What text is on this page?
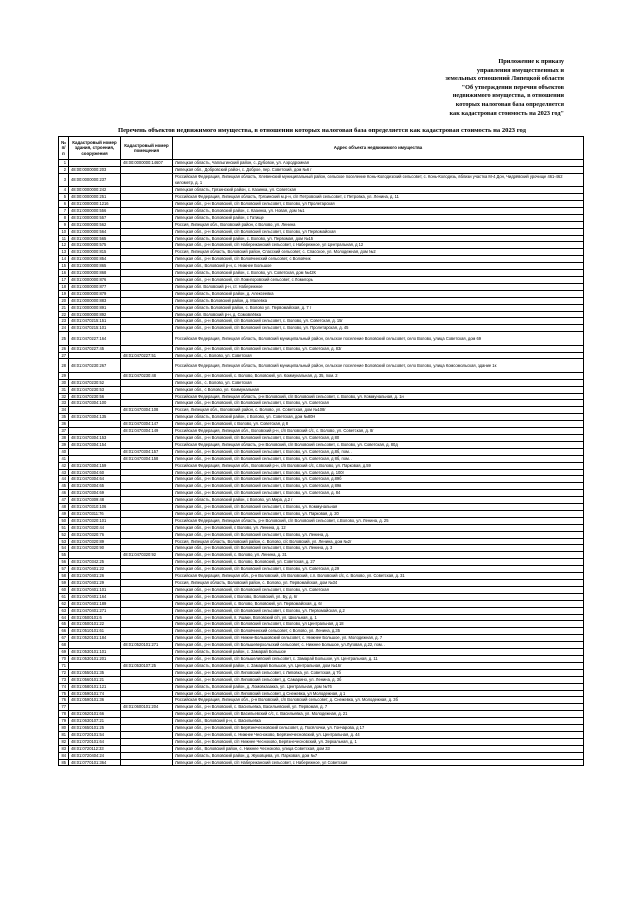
Приложение к приказу
управления имущественных и
земельных отношений Липецкой области
"Об утверждении перечня объектов
недвижимого имущества, в отношении
которых налоговая база определяется
как кадастровая стоимость на 2023 год"
Перечень объектов недвижимого имущества, в отношении которых налоговая база определяется как кадастровая стоимость на 2023 год
№ п/п	Кадастровый номер здания, строения, сооружения	Кадастровый номер помещения	Адрес объекта недвижимого имущества
1		48:00:0000000:14607	Липецкая область, Чаплыгинский район, с. Дубовое, ул. Аэродромная
2	48:00:0000000:203		Липецкая обл., Добровский район, с. Доброе, пер. Советский, дом №6 г
3	48:00:0000000:237		Российская Федерация, Липецкая область, Хлевенский муниципальный район, сельское поселение Конь-Колодезский сельсовет, с. Конь-Колодезь, вблизи участка М-4 Дон, Чидрёвский урочище 461-462 километр, д. 1
4	48:00:0000000:242		Липецкая область, Грязинский район, с. Казинка, ул. Советская
5	48:00:0000000:251		Российская Федерация, Липецкая область, Грязинский м.р-н, с/п Петровский сельсовет, с Петровка, ул. Ленина, д. 11
6	48:01:0000000:1216		Липецкая обл., р-н Воловский, с/п Воловский сельсовет, с Волово, ул Пролетарская
7	48:01:0000000:556		Липецкая область, Воловский район, с. Казинка, ул. Новая, дом №1
8	48:01:0000000:557		Липецкая область, Воловский район, с Гатище
9	48:01:0000000:562		Россия, Липецкая обл., Воловский район, с Волово, ул. Ленина
10	48:01:0000000:564		Липецкая обл., р-н Воловский, с/п Воловский сельсовет, с Волово, ул Первомайская
11	48:01:0000000:565		Липецкая область, Воловский район, с. Волово, ул. Первомая, дом №15
12	48:01:0000000:575		Липецкая обл., р-н Воловский, с/п Набережанский сельсовет, с Набережное, ул Центральная, д 12
13	48:01:0000000:815		Россия, Липецкая область, Воловский район, Спасский сельсовет, с. Спасское, ул. Молодежная, дом №2
14	48:01:0000000:854		Липецкая обл., р-н Воловский, с/п Воловчинский сельсовет, с Воловчик
15	48:01:0000000:865		Липецкая обл., Воловский р-н, с. Нижнее Большое
16	48:01:0000000:868		Липецкая область, Воловский район, с. Волово, ул. Советская, дом №42К
17	48:01:0000000:876		Липецкая обл., р-н Воловский, с/п Ломигоровский сельсовет, с Ломигорь
18	48:01:0000000:877		Липецкая обл. Воловский р-н, ст. Набережное
19	48:01:0000000:879		Липецкая область, Воловский район, д. Алексеевка
20	48:01:0000000:883		Липецкая область Воловский район, д. Малевка
21	48:01:0000000:891		Липецкая область Воловский район, с. Волово ул. Первомайская, д. 7 г
22	48:01:0000000:892		Липецкая обл. Воловский р-н, д. Сомовлёвка
23	48:01:0470215:151		Липецкая обл., р-н Воловский, с/п Воловский сельсовет, с. Волово, ул. Советская, д. 15г
24	48:01:0470215:101		Липецкая обл., р-н Воловский, с/п Воловский сельсовет, с. Волово, ул. Пролетарская, д. 45
25	48:01:0470227:164		Российская Федерация, Липецкая область, Воловский муниципальный район, сельское поселение Воловский сельсовет, село Волово, улица Советская, дом 69
26	48:01:0470227:45		Липецкая обл., р-н Воловский, с/п Воловский сельсовет, с Волово, ул. Советская, д. 83г
27		48:01:0470227:51	Липецкая обл., с. Волово, ул. Советская
28	48:01:0470230:267		Российская Федерация, Липецкая область, Воловский муниципальный район, сельское поселение Воловский сельсовет, село Волово, улица Комсомольская, здание 1к
29		48:01:0470230:48	Липецкая обл., р-н Воловский, с. Волово, Воловский, ул. Коммунальная, д. 35, пом. 2
30	48:01:0470230:52		Липецкая обл., с. Волово, ул. Советская
31	48:01:0470230:53		Липецкая обл., с Волово, ул. Коммунальная
32	48:01:0470230:56		Российская Федерация, Липецкая область, р-н Воловский, с/п Воловский сельсовет, с. Волово, ул. Коммунальная, д. 1н
33	48:01:0470304:100		Липецкая обл., р-н Воловский, с/п Воловский сельсовет, с Волово, ул. Советская
34		48:01:0470304:108	Россия, Липецкая обл., Воловский район, с. Волово, ул. Советская, дом №108г
35	48:01:0470304:135		Липецкая область, Воловский район, с Волово, ул. Советская, дом №80Н
36		48:01:0470304:147	Липецкая обл., р-н Воловский, с Волово, ул. Советская, д 8
37		48:01:0470304:149	Российская Федерация, Липецкая обл., Воловский р-н, с/п Воловский с/с, с. Волово, ул. Советская, д. 8г
38	48:01:0470304:153		Липецкая обл., р-н Воловский, с/п Воловский сельсовет, с Волово, ул. Советская, д 80
39	48:01:0470304:154		Российская Федерация, Липецкая область, р-н Воловский, с/п Воловский сельсовет, с. Волово, ул. Советская, д. 80д
40		48:01:0470304:157	Липецкая обл., р-н Воловский, с/п Воловский сельсовет, с Волово, ул. Советская, д.8б, пом. .
41		48:01:0470304:158	Липецкая обл., р-н Воловский, с/п Воловский сельсовет, с Волово, ул. Советская, д 8б, пом. .
42	48:01:0470304:159		Российская Федерация, Липецкая обл., Воловский р-н, с/п Воловский с/с, с.Волово, ул. Парковая, д.59
43	48:01:0470304:60		Липецкая обл., р-н Воловский, с/п Воловский сельсовет, с Волово, ул. Советская, д. 100г
44	48:01:0470304:64		Липецкая обл., р-н Воловский, с/п Воловский сельсовет, с Волово, ул. Советская, д.89б
45	48:01:0470304:65		Липецкая обл., р-н Воловский, с/п Воловский сельсовет, с Волово, ул. Советская, д 89в
46	48:01:0470304:69		Липецкая обл., р-н Воловский, с/п Воловский сельсовет, с Волово, ул. Советская, д. 84
47	48:01:0470309:48		Липецкая область, Воловский район, с Волово, ул.Мира, д.2 г
48	48:01:0470310:106		Липецкая обл., р-н Воловский, с/п Воловский сельсовет, с Волово, ул. Коммунальная
49	48:01:0470311:76		Липецкая обл., р-н Воловский, с/п Воловский сельсовет, с Волово, ул. Парковая, д. 20
50	48:01:0470320:101		Российская Федерация, Липецкая область, р-н Воловский, с/п Воловский сельсовет, с.Волово, ул. Ленина, д. 25
51	48:01:0470320:44		Липецкая обл., р-н Воловский, с Волово, ул. Ленина, д. 12
52	48:01:0470320:76		Липецкая обл., р-н Воловский, с/п Воловский сельсовет, с Волово, ул. Ленина, д.
53	48:01:0470320:89		Россия, Липецкая область, Воловский район, с. Волово, с/с Воловский, ул. Ленина, дом №2г
54	48:01:0470320:90		Липецкая обл., р-н Воловский, с/п Воловский сельсовет, с Волово, ул. Ленина, д. 3
55		48:01:0470320:92	Липецкая обл., р-н Воловский, с. Волово, ул. Ленина, д. 31
56	48:01:0470342:25		Липецкая обл., р-н Воловский, с. Волово, Воловский, ул. Советская, д. 27
57	48:01:0470401:22		Липецкая обл., р-н Воловский, с/п Воловский сельсовет, с Волово, ул. Советская, д.29
58	48:01:0470401:26		Российская Федерация, Липецкая обл., р-н Воловский, с/п Воловский, с.п. Воловский с/с, с. Волово, ул. Советская, д. 31
59	48:01:0470401:29		Россия, Липецкая область, Воловский район, с. Волово, ул. Первомайская, дом №34
60	48:01:0470401:101		Липецкая обл., р-н Воловский, с/п Воловский сельсовет, с Волово, ул. Советская
61	48:01:0470401:164		Липецкая обл., р-н Воловский, с Волово, Воловский, ул. Бу, д. 6г
62	48:01:0470401:189		Липецкая обл., р-н Воловский, с. Волово, Воловский, ул. Первомайская, д. 6г
63	48:01:0470401:271		Липецкая обл., р-н Воловский, с/п Воловский сельсовет, с Волово, ул. Первомайская, д.2
64	48:01:0500101:6		Липецкая обл., р-н Воловский, п. Ушаки, Воловский с/п, ул. Школьная, д. 1
65	48:01:0500101:22		Липецкая обл., р-н Воловский, с/п Воловский сельсовет, с Волово, ул Центральная, д 18
66	48:01:0510101:61		Липецкая обл., р-н Воловский, с/п Воловчинский сельсовет, с Волово, ул. Ленина, д.35
67	48:01:0520101:184		Липецкая обл., р-н Воловский, с/п Нижне-Большовский сельсовет, с. Нижнее Большое, ул. Молодежная, д. 7
68		48:01:0520101:271	Липецкая обл., р-н Воловский, с/п Большеверхольский сельсовет, с. Нижнее Большое, ул.Луговая, д.22, пом. .
69	48:01:0530101:101		Липецкая область, Воловский район, с. Замарай Большое
70	48:01:0530101:201		Липецкая обл., р-н Воловский, с/п Большелипский сельсовет, с. Замарай Большое, ул. Центральная, д. 11
71		48:01:0530107:25	Липецкая область, Воловский район, с. Замарай Большое, ул. Центральная, дом №16г
72	48:01:0550101:35		Липецкая обл., р-н Воловский, с/п Липовский сельсовет, с Липовка, ул. Советская, д 7б
73	48:01:0560101:21		Липецкая обл., р-н Воловский, с/п Липовский сельсовет, д. Самарино, ул. Ленина, д. 3б
74	48:01:0580101:121		Липецкая область, Воловский район, д. Ломовказакка, ул. Центральная, дом №76
75	48:01:0590101:74		Липецкая обл., р-н Воловский, с/п Липовский сельсовет, д Снежевка, ул Молодежная, д 1
76	48:01:0590101:36		Российская Федерация, Липецкая обл., р-н Воловский, с/п Воловский сельсовет, д. Снежевка, ул. Молодежная, д. 3б
77		48:01:0600101:204	Липецкая обл., р-н Воловский, с. Васильевка, Васильевский, ул. Первомая, д. 7
78	48:01:0620101:66		Липецкая обл., р-н Воловский, с/п Васильевский с/с, с. Васильевка, ул. Молодежная, д. 21
79	48:01:0630107:21		Липецкая обл., Воловский р-н, с. Васильевка
80	48:01:0650101:25		Липецкая обл., р-н Воловский, с/п Берёзнечесновский сельсовет, д. Посёлочки, ул. Гончарова, д 17
81	48:01:0720101:54		Липецкая обл., р-н Воловский, с. Нижнее Чесноково, Берёзнечесновский, ул. Центральная, д. 44
82	48:01:0720101:64		Липецкая обл., р-н Воловский, с/п Нижнее Чесноково, Берёзнечесновский, ул. Зеркальная, д. 1
83	48:01:0720112:33		Липецкая обл., Воловский район, с. Нижнее Чесноково, улица Советская, дом 33
84	48:01:0720404:24		Липецкая область, Воловский район, д. Жуковцева, ул. Парковая, дом №7
85	48:01:0770101:364		Липецкая обл., р-н Воловский, с/п Набережанский сельсовет, с Набережное, ул Советская
